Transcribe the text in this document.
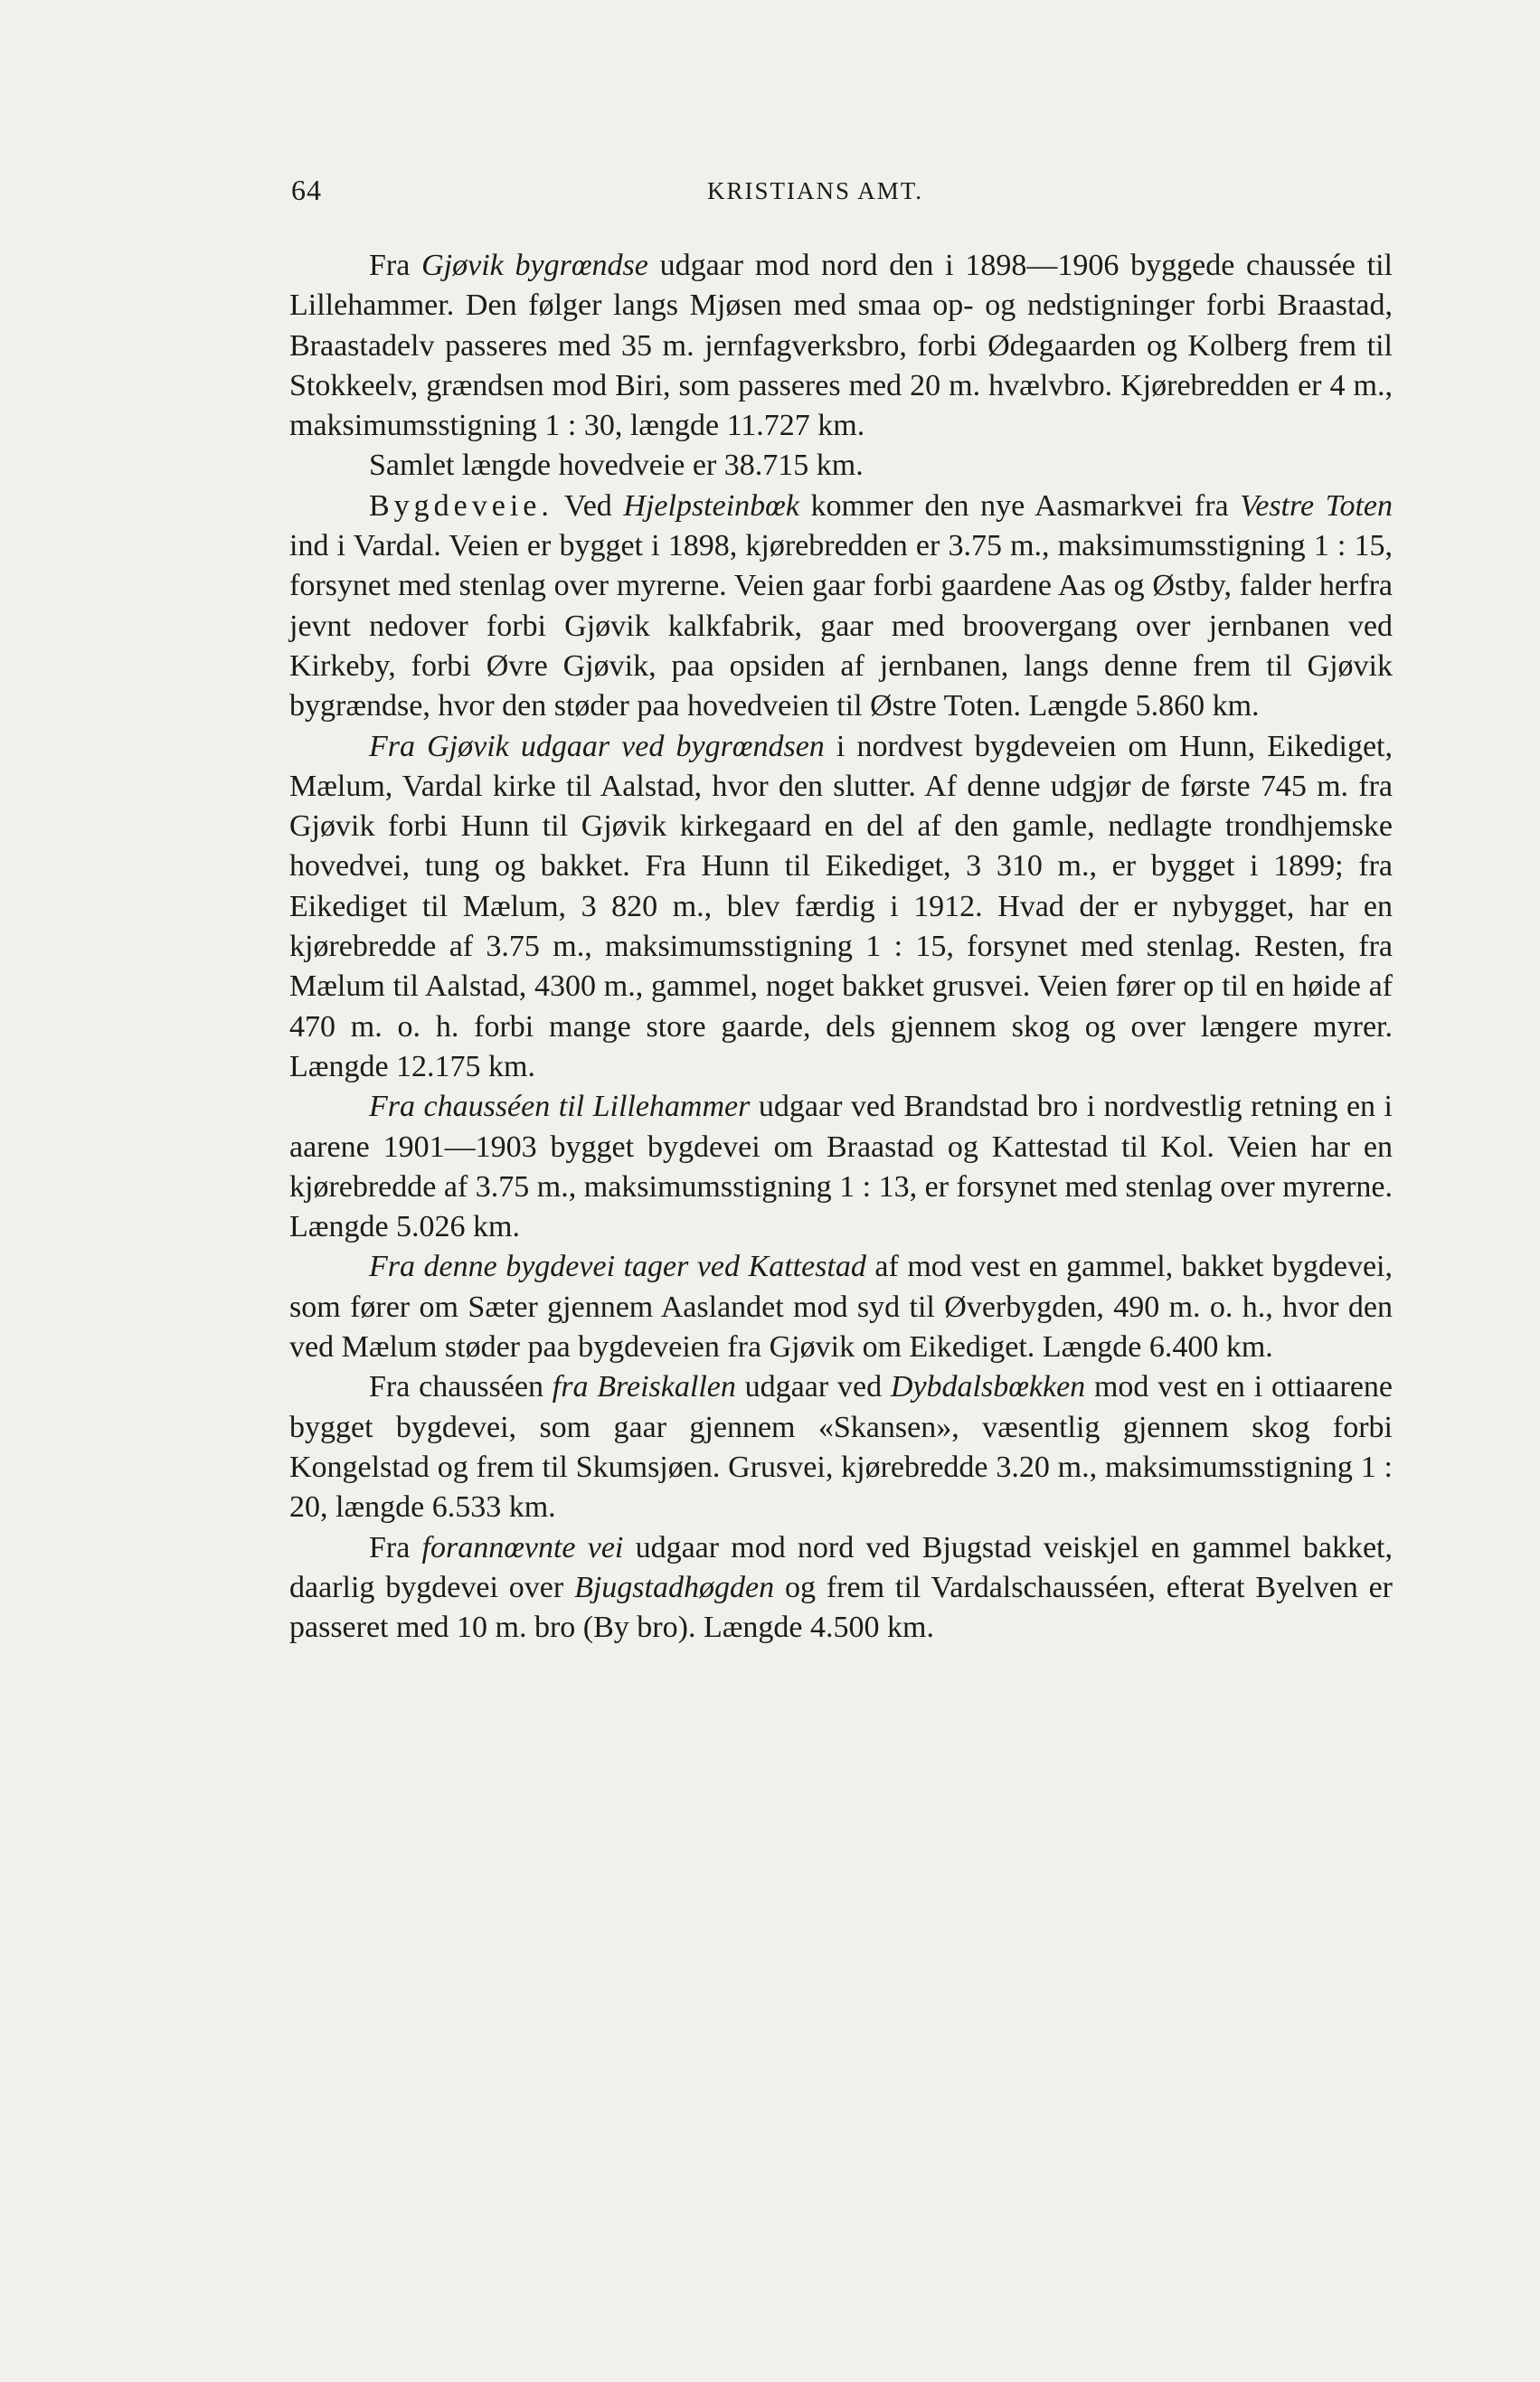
64	KRISTIANS AMT.

Fra Gjøvik bygrœndse udgaar mod nord den i 1898—1906 byggede chaussée til Lillehammer. Den følger langs Mjøsen med smaa op- og nedstigninger forbi Braastad, Braastadelv passeres med 35 m. jernfagverksbro, forbi Ødegaarden og Kolberg frem til Stokkeelv, grændsen mod Biri, som passeres med 20 m. hvælvbro. Kjørebredden er 4 m., maksimumsstigning 1 : 30, længde 11.727 km.

Samlet længde hovedveie er 38.715 km.

Bygdeveie. Ved Hjelpsteinbœk kommer den nye Aasmarkvei fra Vestre Toten ind i Vardal. Veien er bygget i 1898, kjørebredden er 3.75 m., maksimumsstigning 1 : 15, forsynet med stenlag over myrerne. Veien gaar forbi gaardene Aas og Østby, falder herfra jevnt nedover forbi Gjøvik kalkfabrik, gaar med broovergang over jernbanen ved Kirkeby, forbi Øvre Gjøvik, paa opsiden af jernbanen, langs denne frem til Gjøvik bygrændse, hvor den støder paa hovedveien til Østre Toten. Længde 5.860 km.

Fra Gjøvik udgaar ved bygrœndsen i nordvest bygdeveien om Hunn, Eikediget, Mælum, Vardal kirke til Aalstad, hvor den slutter. Af denne udgjør de første 745 m. fra Gjøvik forbi Hunn til Gjøvik kirkegaard en del af den gamle, nedlagte trondhjemske hovedvei, tung og bakket. Fra Hunn til Eikediget, 3 310 m., er bygget i 1899; fra Eikediget til Mælum, 3 820 m., blev færdig i 1912. Hvad der er nybygget, har en kjørebredde af 3.75 m., maksimumsstigning 1 : 15, forsynet med stenlag. Resten, fra Mælum til Aalstad, 4300 m., gammel, noget bakket grusvei. Veien fører op til en høide af 470 m. o. h. forbi mange store gaarde, dels gjennem skog og over længere myrer. Længde 12.175 km.

Fra chausséen til Lillehammer udgaar ved Brandstad bro i nordvestlig retning en i aarene 1901—1903 bygget bygdevei om Braastad og Kattestad til Kol. Veien har en kjørebredde af 3.75 m., maksimumsstigning 1 : 13, er forsynet med stenlag over myrerne. Længde 5.026 km.

Fra denne bygdevei tager ved Kattestad af mod vest en gammel, bakket bygdevei, som fører om Sæter gjennem Aaslandet mod syd til Øverbygden, 490 m. o. h., hvor den ved Mælum støder paa bygdeveien fra Gjøvik om Eikediget. Længde 6.400 km.

Fra chausséen fra Breiskallen udgaar ved Dybdalsbœkken mod vest en i ottiaarene bygget bygdevei, som gaar gjennem «Skansen», væsentlig gjennem skog forbi Kongelstad og frem til Skumsjøen. Grusvei, kjørebredde 3.20 m., maksimumsstigning 1 : 20, længde 6.533 km.

Fra forannœvnte vei udgaar mod nord ved Bjugstad veiskjel en gammel bakket, daarlig bygdevei over Bjugstadhøgden og frem til Vardalschausséen, efterat Byelven er passeret med 10 m. bro (By bro). Længde 4.500 km.
